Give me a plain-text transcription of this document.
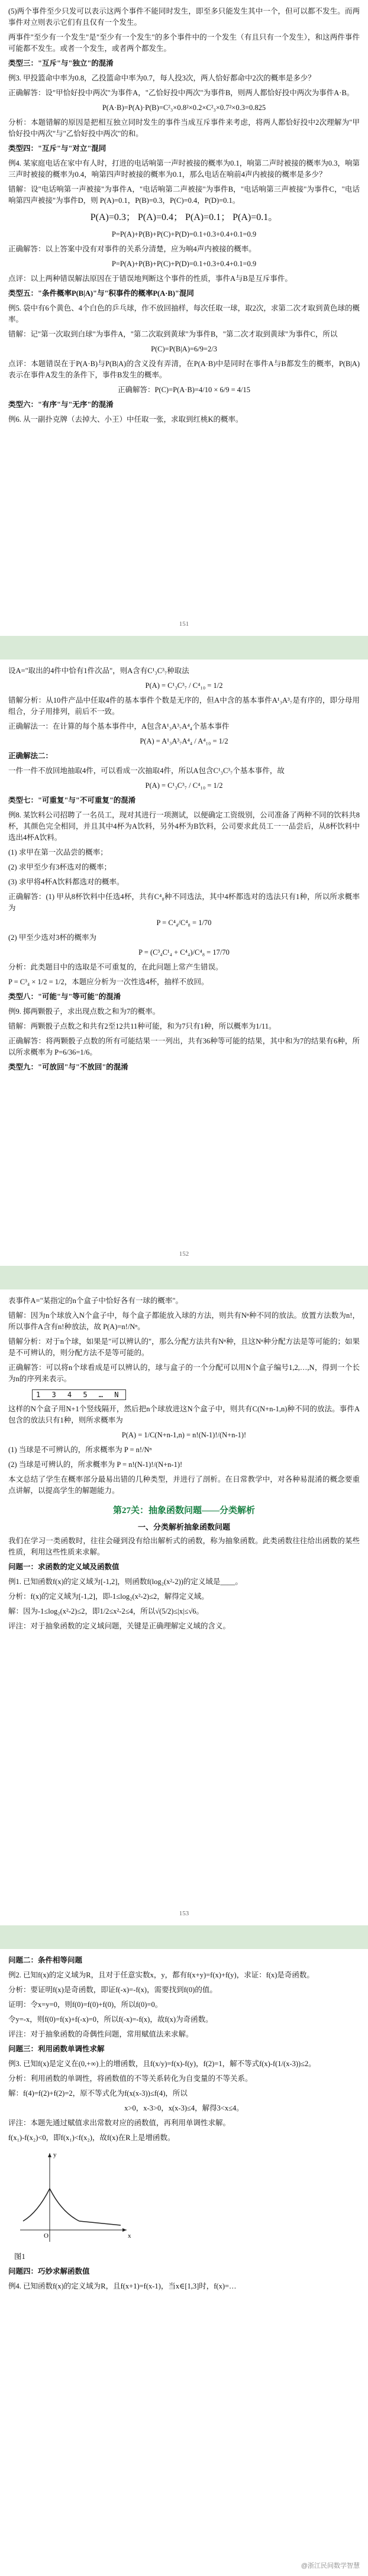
(5)两个事件至少只发可以表示这两个事件不能同时发生，即至多只能发生其中一个，但可以都不发生。而两事件对立则表示它们有且仅有一个发生。

两事件"至少有一个发生"是"至少有一个发生"的多个事件中的一个发生（有且只有一个发生），和这两件事件可能都不发生。或者一个发生，或者两个都发生。

类型三："互斥"与"独立"的混淆

例3. 甲投篮命中率为0.8，乙投篮命中率为0.7，每人投3次，两人恰好都命中2次的概率是多少？

正确解答：设"甲恰好投中两次"为事件A，"乙恰好投中两次"为事件B，则两人都恰好投中两次为事件A·B。

P(A·B)=P(A)·P(B)=C²₃×0.8²×0.2×C²₃×0.7²×0.3=0.825

分析：本题错解的原因是把相互独立同时发生的事件当成互斥事件来考虑，将两人都恰好投中2次理解为"甲恰好投中两次"与"乙恰好投中两次"的和。

类型四："互斥"与"对立"混同

例4. 某家庭电话在家中有人时，打进的电话响第一声时被接的概率为0.1，响第二声时被接的概率为0.3，响第三声时被接的概率为0.4，响第四声时被接的概率为0.1，那么电话在响前4声内被接的概率是多少？

错解：设"电话响第一声被接"为事件A，"电话响第二声被接"为事件B，"电话响第三声被接"为事件C，"电话响第四声被接"为事件D，则 P(A)=0.1，P(B)=0.3，P(C)=0.4，P(D)=0.1。

P(A)=0.3； P(A)=0.4； P(A)=0.1； P(A)=0.1。

P=P(A)+P(B)+P(C)+P(D)=0.1+0.3+0.4+0.1=0.9

正确解答：以上答案中没有对事件的关系分清楚，应为响4声内被接的概率。

P=P(A)+P(B)+P(C)+P(D)=0.1+0.3+0.4+0.1=0.9

点评：以上两种错误解法原因在于错误地判断这个事件的性质，事件A与B是互斥事件。

类型五："条件概率P(B|A)"与"积事件的概率P(A·B)"混同

例5. 袋中有6个黄色、4个白色的乒乓球，作不放回抽样，每次任取一球，取2次，求第二次才取到黄色球的概率。

错解：记"第一次取到白球"为事件A，"第二次取到黄球"为事件B，"第二次才取到黄球"为事件C，所以

P(C)=P(B|A)=6/9=2/3

点评：本题错误在于P(A·B)与P(B|A)的含义没有弄清，在P(A·B)中是同时在事件A与B都发生的概率，P(B|A)表示在事件A发生的条件下，事件B发生的概率。

正确解答：P(C)=P(A·B)=4/10 × 6/9 = 4/15

类型六："有序"与"无序"的混淆

例6. 从一副扑克牌（去掉大、小王）中任取一张，求取到红桃K的概率。

151

设A="取出的4件中恰有1件次品"，则A含有C¹₃C³₇种取法

P(A) = C¹₃C³₇ / C⁴₁₀ = 1/2

错解分析：从10件产品中任取4件的基本事件个数是无序的，但A中含的基本事件A¹₃A³₇是有序的，即分母用组合，分子用排列，前后不一致。

正确解法一：在计算的每个基本事件中，A包含A¹₃A³₇A⁴₄个基本事件

P(A) = A¹₃A³₇A⁴₄ / A⁴₁₀ = 1/2

正确解法二：

一件一件不放回地抽取4件，可以看成一次抽取4件，所以A包含C¹₃C³₇个基本事件，故

P(A) = C¹₃C³₇ / C⁴₁₀ = 1/2

类型七："可重复"与"不可重复"的混淆

例8. 某饮料公司招聘了一名员工，现对其进行一项测试，以便确定工资级别，公司准备了两种不同的饮料共8杯，其颜色完全相同，并且其中4杯为A饮料，另外4杯为B饮料，公司要求此员工一一品尝后，从8杯饮料中选出4杯A饮料。

(1) 求甲在第一次品尝的概率；

(2) 求甲至少有3杯选对的概率；

(3) 求甲将4杯A饮料都选对的概率。

正确解答：(1) 甲从8杯饮料中任选4杯，共有C⁴₈种不同选法，其中4杯都选对的选法只有1种，所以所求概率为

P = C⁴₄/C⁴₈ = 1/70

(2) 甲至少选对3杯的概率为

P = (C³₄C¹₄ + C⁴₄)/C⁴₈ = 17/70

分析：此类题目中的选取是不可重复的，在此问题上常产生错误。

P = C³₄ × 1/2 = 1/2，本题应分析为一次性选4杯，抽样不放回。

类型八："可能"与"等可能"的混淆

例9. 掷两颗骰子，求出现点数之和为7的概率。

错解：两颗骰子点数之和共有2至12共11种可能，和为7只有1种，所以概率为1/11。

正确解答：将两颗骰子点数的所有可能结果一一列出，共有36种等可能的结果，其中和为7的结果有6种，所以所求概率为 P=6/36=1/6。

类型九："可放回"与"不放回"的混淆

152

表事件A="某指定的n个盒子中恰好各有一球的概率"。

错解：因为n个球放入N个盒子中，每个盒子都能放入球的方法，则共有Nⁿ种不同的放法。放置方法数为n!，所以事件A含有n!种放法，故 P(A)=n!/Nⁿ。

错解分析：对于n个球，如果是"可以辨认的"，那么分配方法共有Nⁿ种，且这Nⁿ种分配方法是等可能的；如果是不可辨认的，则分配方法不是等可能的。

正确解答：可以将n个球看成是可以辨认的，球与盒子的一个分配可以用N个盒子编号1,2,…,N，得到一个长为n的序列来表示。

1 3 4 5 … N

这样的N个盒子用N+1个竖线隔开，然后把n个球放进这N个盒子中，则共有C(N+n-1,n)种不同的放法。事件A包含的放法只有1种，则所求概率为

P(A) = 1/C(N+n-1,n) = n!(N-1)!/(N+n-1)!

(1) 当球是不可辨认的，所求概率为 P = n!/Nⁿ

(2) 当球是可辨认的，所求概率为 P = n!(N-1)!/(N+n-1)!

本文总结了学生在概率部分最易出错的几种类型，并进行了剖析。在日常教学中，对各种易混淆的概念要重点讲解，以提高学生的解题能力。

第27关：抽象函数问题——分类解析
一、分类解析抽象函数问题

我们在学习一类函数时，往往会碰到没有给出解析式的函数，称为抽象函数。此类函数往往给出函数的某些性质，利用这些性质来求解。

问题一：求函数的定义域及函数值

例1. 已知函数f(x)的定义域为[-1,2]，则函数f(log₂(x²-2))的定义域是____。

分析：f(x)的定义域为[-1,2]，即-1≤log₂(x²-2)≤2，解得定义域。

解：因为-1≤log₂(x²-2)≤2，即1/2≤x²-2≤4，所以√(5/2)≤|x|≤√6。

评注：对于抽象函数的定义域问题，关键是正确理解定义域的含义。

153

问题二：条件相等问题

例2. 已知f(x)的定义域为R，且对于任意实数x，y，都有f(x+y)=f(x)+f(y)，求证：f(x)是奇函数。

分析：要证明f(x)是奇函数，即证f(-x)=-f(x)，需要找到f(0)的值。

证明：令x=y=0，则f(0)=f(0)+f(0)，所以f(0)=0。

令y=-x，则f(0)=f(x)+f(-x)=0，所以f(-x)=-f(x)，故f(x)为奇函数。

评注：对于抽象函数的奇偶性问题，常用赋值法来求解。

问题三：利用函数单调性求解

例3. 已知f(x)是定义在(0,+∞)上的增函数，且f(x/y)=f(x)-f(y)，f(2)=1，解不等式f(x)-f(1/(x-3))≤2。

分析：利用函数的单调性，将函数值的不等关系转化为自变量的不等关系。

解：f(4)=f(2)+f(2)=2，原不等式化为f(x(x-3))≤f(4)，所以

x>0，x-3>0，x(x-3)≤4，解得3<x≤4。

评注：本题先通过赋值求出常数对应的函数值，再利用单调性求解。

f(x₁)-f(x₂)<0，即f(x₁)<f(x₂)，故f(x)在R上是增函数。

x
y
O

图1

问题四：巧妙求解函数值

例4. 已知函数f(x)的定义域为R，且f(x+1)=f(x-1)，当x∈[1,3]时，f(x)=…

@浙江民间数学智慧
